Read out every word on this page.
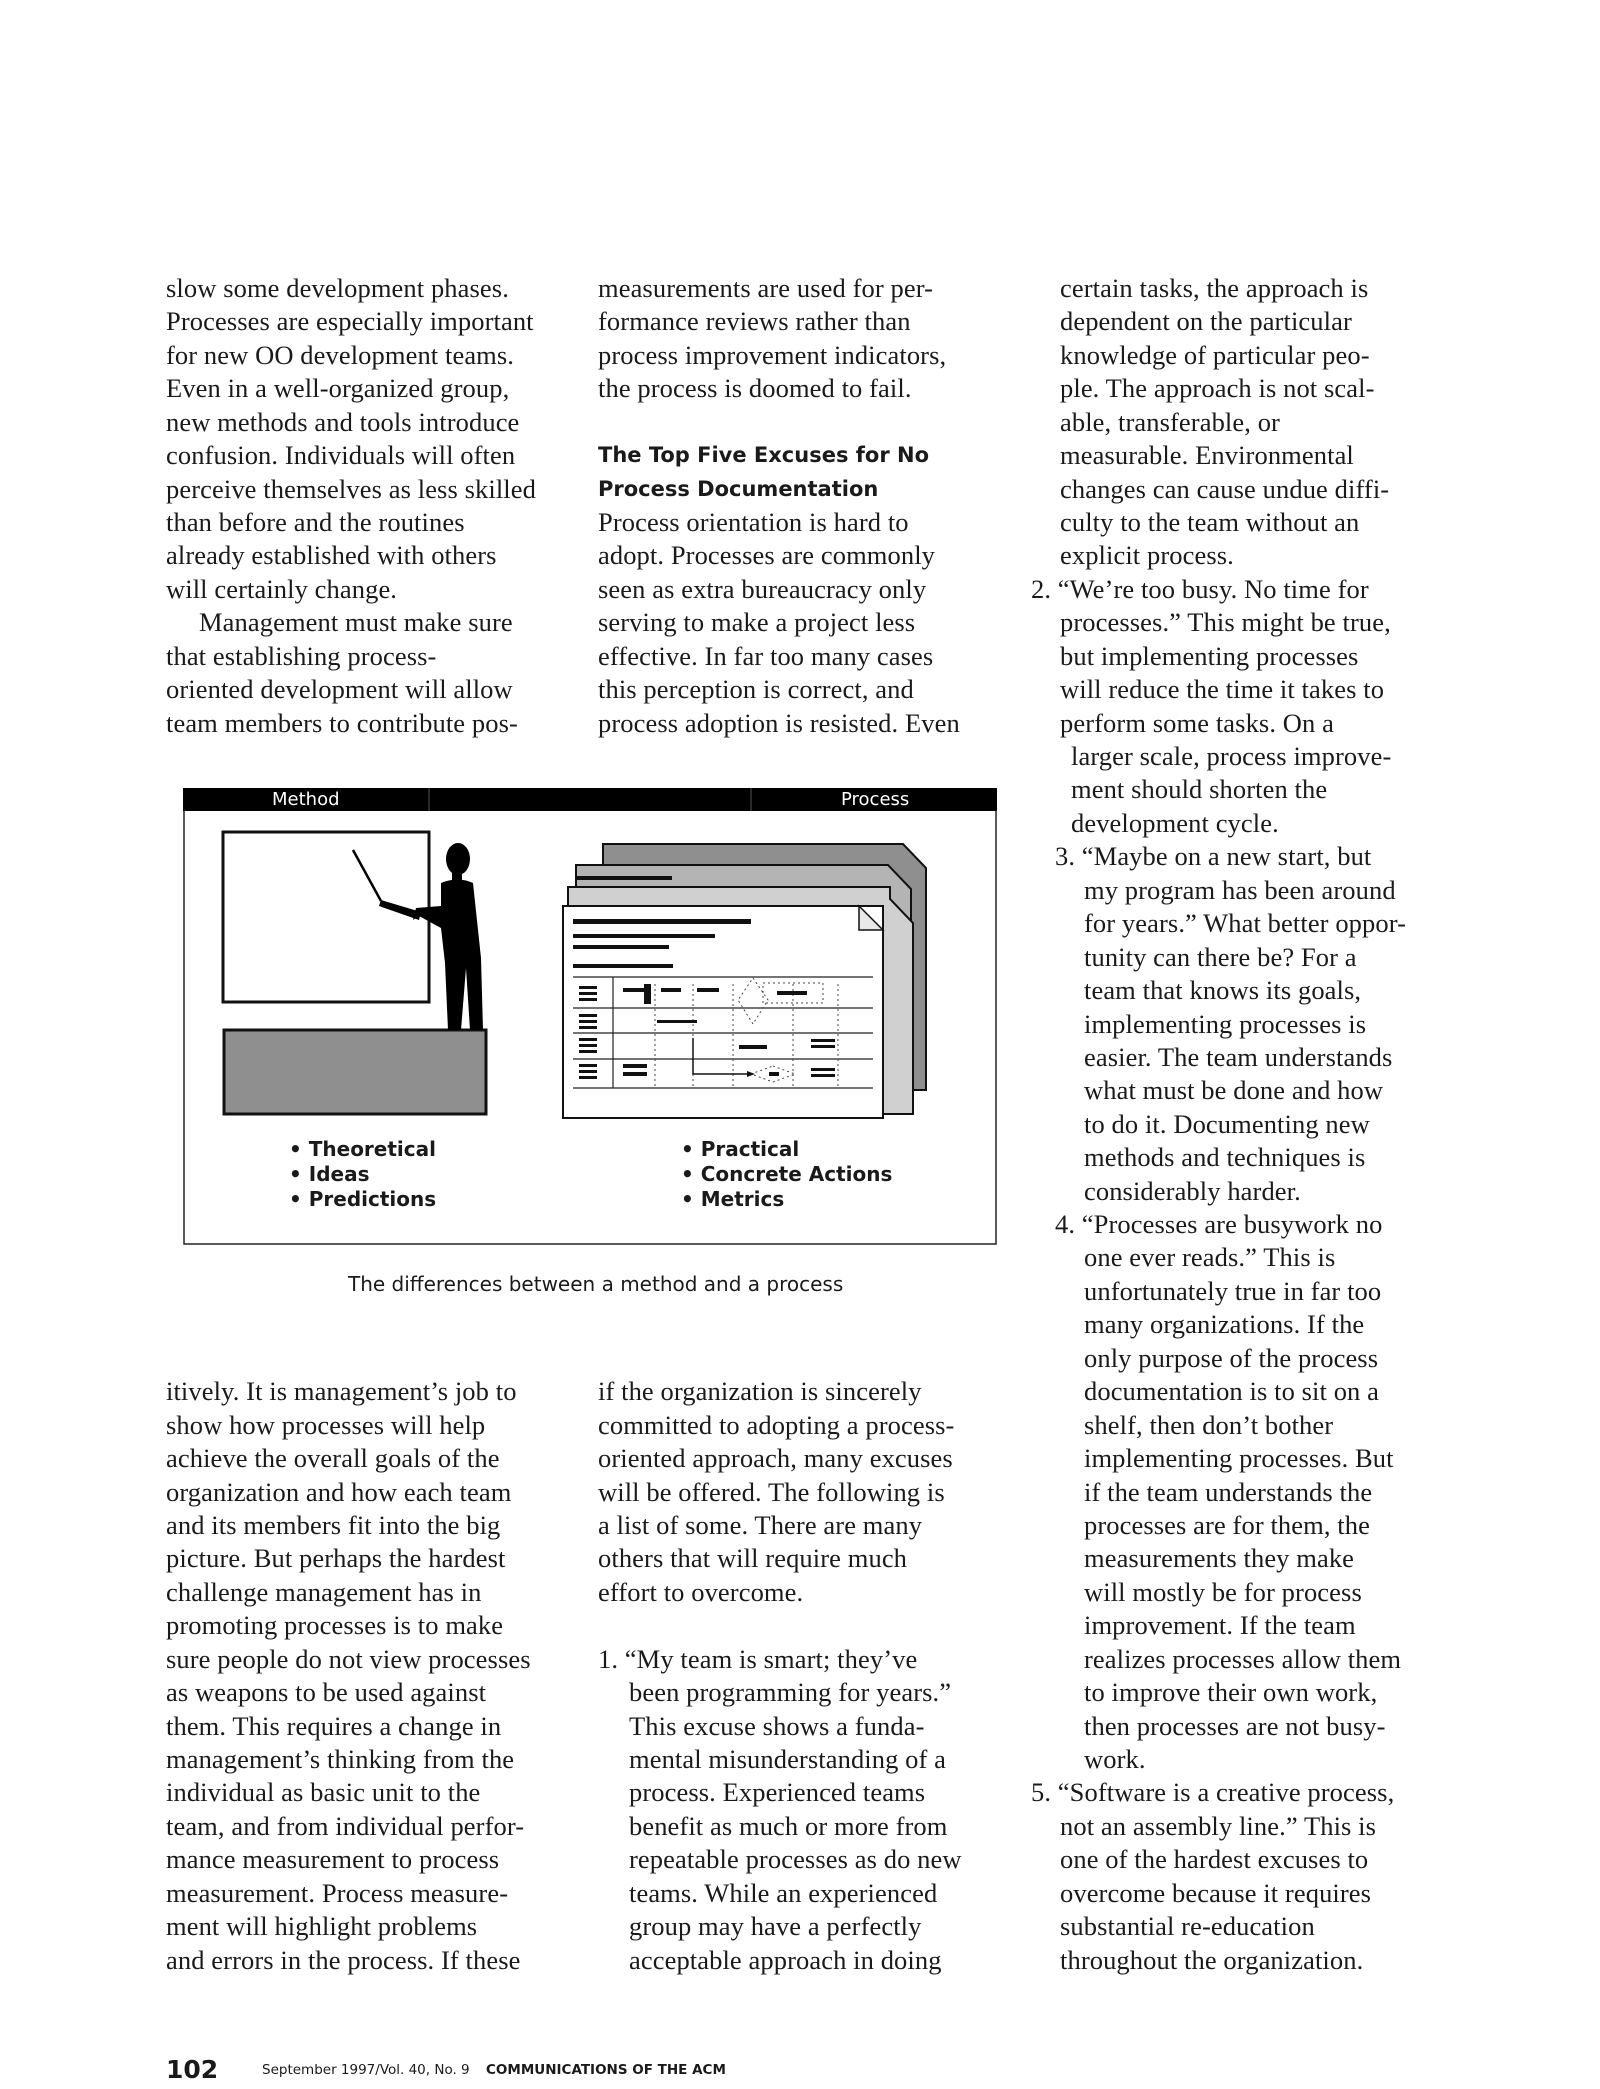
slow some development phases.
Processes are especially important
for new OO development teams.
Even in a well-organized group,
new methods and tools introduce
confusion. Individuals will often
perceive themselves as less skilled
than before and the routines
already established with others
will certainly change.
Management must make sure
that establishing process-
oriented development will allow
team members to contribute pos-
measurements are used for per-
formance reviews rather than
process improvement indicators,
the process is doomed to fail.
The Top Five Excuses for No
Process Documentation
Process orientation is hard to
adopt. Processes are commonly
seen as extra bureaucracy only
serving to make a project less
effective. In far too many cases
this perception is correct, and
process adoption is resisted. Even
certain tasks, the approach is
dependent on the particular
knowledge of particular peo-
ple. The approach is not scal-
able, transferable, or
measurable. Environmental
changes can cause undue diffi-
culty to the team without an
explicit process.
2. “We’re too busy. No time for
processes.” This might be true,
but implementing processes
will reduce the time it takes to
perform some tasks. On a
larger scale, process improve-
ment should shorten the
development cycle.
3. “Maybe on a new start, but
my program has been around
for years.” What better oppor-
tunity can there be? For a
team that knows its goals,
implementing processes is
easier. The team understands
what must be done and how
to do it. Documenting new
methods and techniques is
considerably harder.
4. “Processes are busywork no
one ever reads.” This is
unfortunately true in far too
many organizations. If the
only purpose of the process
documentation is to sit on a
shelf, then don’t bother
implementing processes. But
if the team understands the
processes are for them, the
measurements they make
will mostly be for process
improvement. If the team
realizes processes allow them
to improve their own work,
then processes are not busy-
work.
5. “Software is a creative process,
not an assembly line.” This is
one of the hardest excuses to
overcome because it requires
substantial re-education
throughout the organization.
Method	Process
• Theoretical
• Ideas
• Predictions
• Practical
• Concrete Actions
• Metrics
The differences between a method and a process
itively. It is management’s job to
show how processes will help
achieve the overall goals of the
organization and how each team
and its members fit into the big
picture. But perhaps the hardest
challenge management has in
promoting processes is to make
sure people do not view processes
as weapons to be used against
them. This requires a change in
management’s thinking from the
individual as basic unit to the
team, and from individual perfor-
mance measurement to process
measurement. Process measure-
ment will highlight problems
and errors in the process. If these
if the organization is sincerely
committed to adopting a process-
oriented approach, many excuses
will be offered. The following is
a list of some. There are many
others that will require much
effort to overcome.
1. “My team is smart; they’ve
been programming for years.”
This excuse shows a funda-
mental misunderstanding of a
process. Experienced teams
benefit as much or more from
repeatable processes as do new
teams. While an experienced
group may have a perfectly
acceptable approach in doing
102	September 1997/Vol. 40, No. 9 COMMUNICATIONS OF THE ACM
